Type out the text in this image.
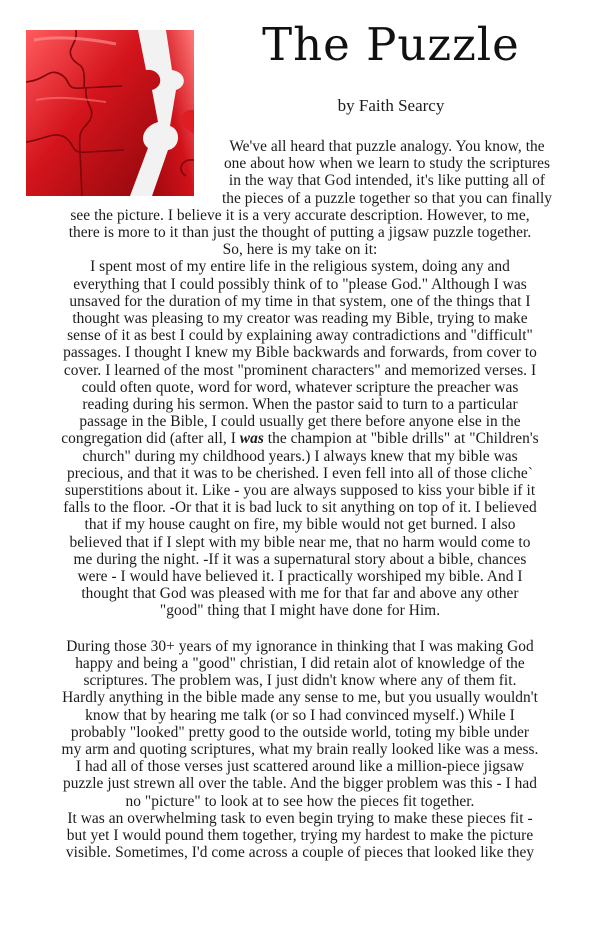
The Puzzle
by Faith Searcy
We've all heard that puzzle analogy. You know, the
one about how when we learn to study the scriptures
in the way that God intended, it's like putting all of
the pieces of a puzzle together so that you can finally
see the picture. I believe it is a very accurate description. However, to me,
there is more to it than just the thought of putting a jigsaw puzzle together.
So, here is my take on it:
I spent most of my entire life in the religious system, doing any and
everything that I could possibly think of to "please God." Although I was
unsaved for the duration of my time in that system, one of the things that I
thought was pleasing to my creator was reading my Bible, trying to make
sense of it as best I could by explaining away contradictions and "difficult"
passages. I thought I knew my Bible backwards and forwards, from cover to
cover. I learned of the most "prominent characters" and memorized verses. I
could often quote, word for word, whatever scripture the preacher was
reading during his sermon. When the pastor said to turn to a particular
passage in the Bible, I could usually get there before anyone else in the
congregation did (after all, I was the champion at "bible drills" at "Children's
church" during my childhood years.) I always knew that my bible was
precious, and that it was to be cherished. I even fell into all of those cliche`
superstitions about it. Like - you are always supposed to kiss your bible if it
falls to the floor. -Or that it is bad luck to sit anything on top of it. I believed
that if my house caught on fire, my bible would not get burned. I also
believed that if I slept with my bible near me, that no harm would come to
me during the night. -If it was a supernatural story about a bible, chances
were - I would have believed it. I practically worshiped my bible. And I
thought that God was pleased with me for that far and above any other
"good" thing that I might have done for Him.
During those 30+ years of my ignorance in thinking that I was making God
happy and being a "good" christian, I did retain alot of knowledge of the
scriptures. The problem was, I just didn't know where any of them fit.
Hardly anything in the bible made any sense to me, but you usually wouldn't
know that by hearing me talk (or so I had convinced myself.) While I
probably "looked" pretty good to the outside world, toting my bible under
my arm and quoting scriptures, what my brain really looked like was a mess.
I had all of those verses just scattered around like a million-piece jigsaw
puzzle just strewn all over the table. And the bigger problem was this - I had
no "picture" to look at to see how the pieces fit together.
It was an overwhelming task to even begin trying to make these pieces fit -
but yet I would pound them together, trying my hardest to make the picture
visible. Sometimes, I'd come across a couple of pieces that looked like they
